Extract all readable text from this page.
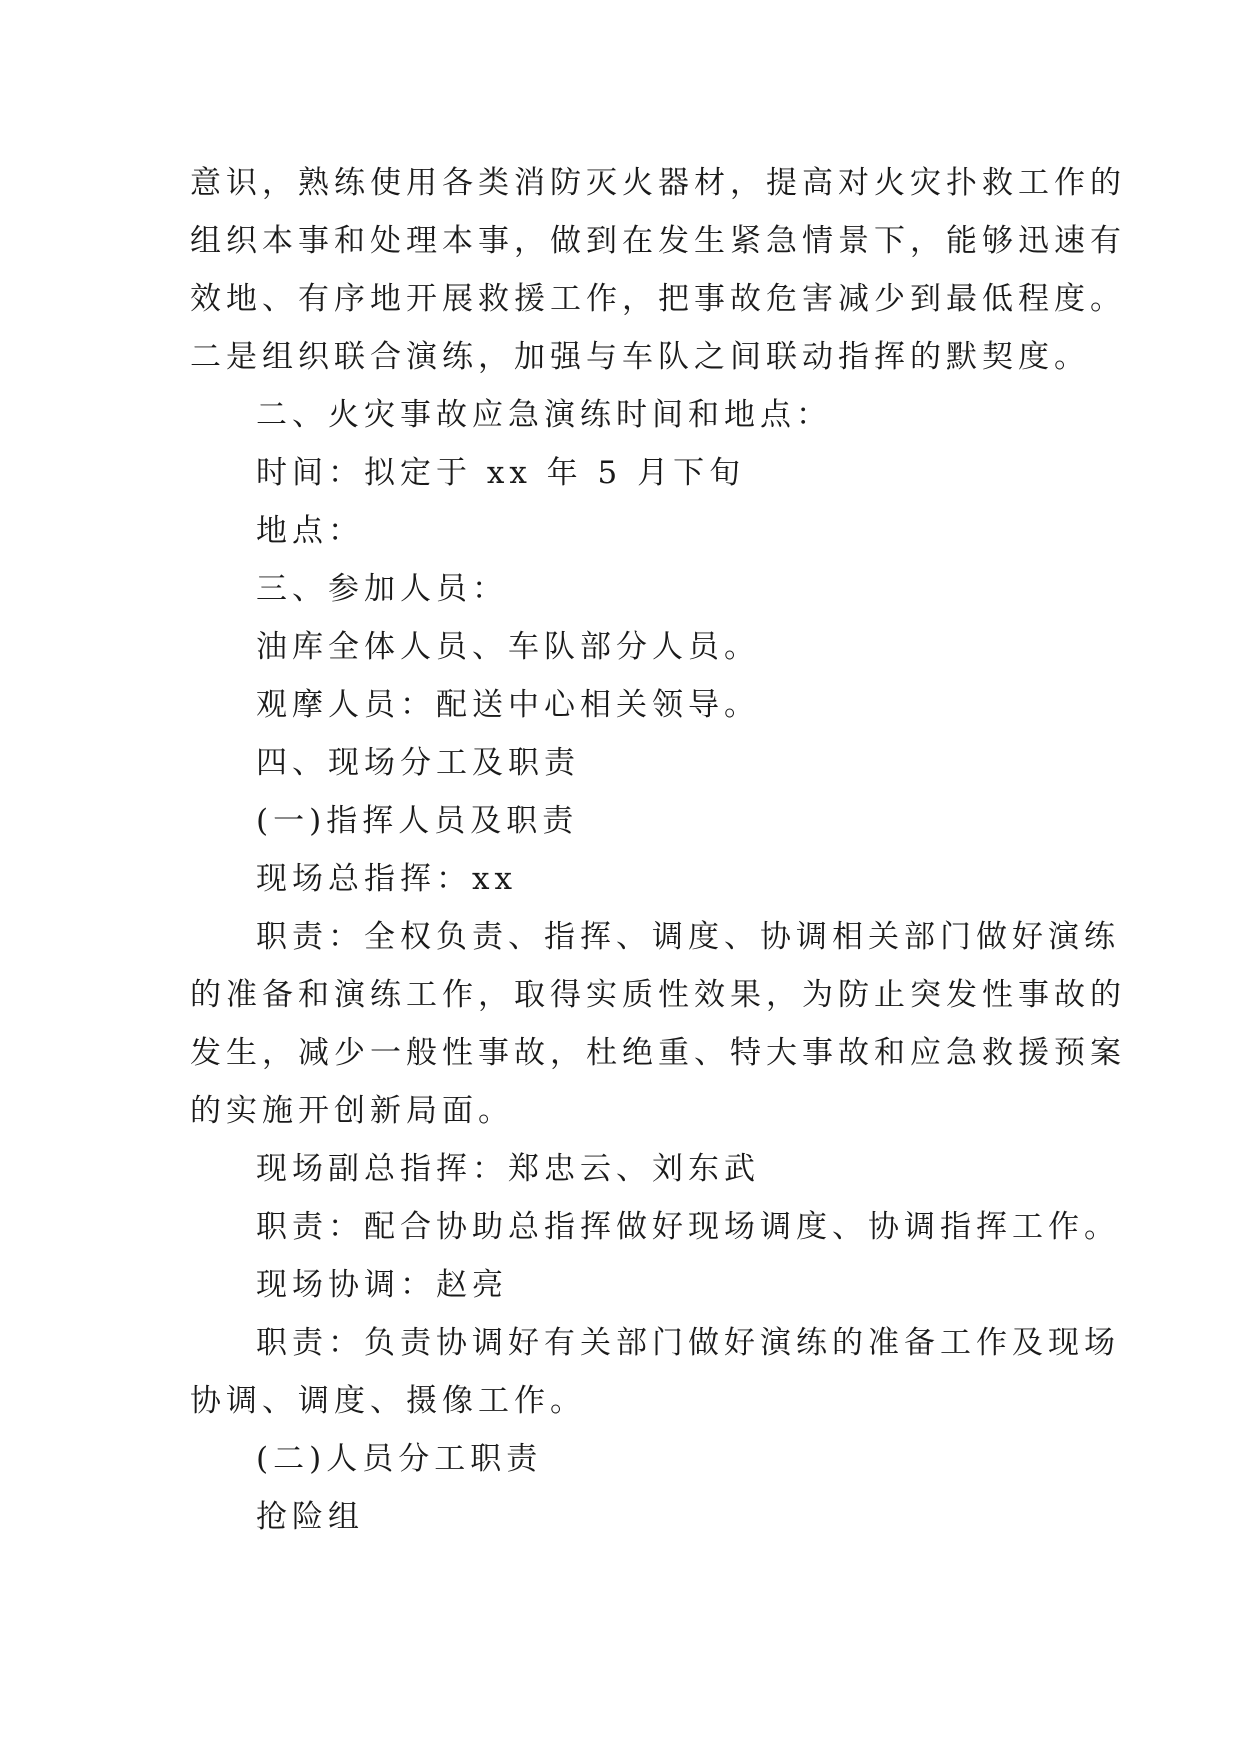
意识，熟练使用各类消防灭火器材，提高对火灾扑救工作的
组织本事和处理本事，做到在发生紧急情景下，能够迅速有
效地、有序地开展救援工作，把事故危害减少到最低程度。
二是组织联合演练，加强与车队之间联动指挥的默契度。
二、火灾事故应急演练时间和地点：
时间：拟定于 xx 年 5 月下旬
地点：
三、参加人员：
油库全体人员、车队部分人员。
观摩人员：配送中心相关领导。
四、现场分工及职责
(一)指挥人员及职责
现场总指挥：xx
职责：全权负责、指挥、调度、协调相关部门做好演练
的准备和演练工作，取得实质性效果，为防止突发性事故的
发生，减少一般性事故，杜绝重、特大事故和应急救援预案
的实施开创新局面。
现场副总指挥：郑忠云、刘东武
职责：配合协助总指挥做好现场调度、协调指挥工作。
现场协调：赵亮
职责：负责协调好有关部门做好演练的准备工作及现场
协调、调度、摄像工作。
(二)人员分工职责
抢险组
